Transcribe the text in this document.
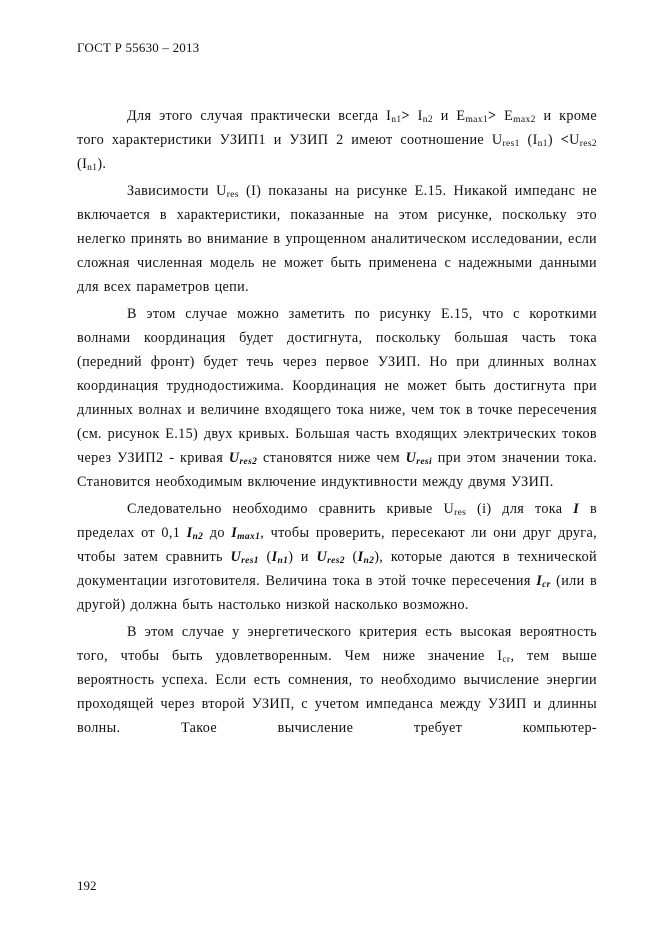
ГОСТ Р 55630 – 2013

Для этого случая практически всегда $I_{n1}> I_{n2}$ и $E_{max1}> E_{max2}$ и кроме того характеристики УЗИП1 и УЗИП 2 имеют соотношение $U_{res1}$ $(I_{n1}) <U_{res2}$ $(I_{n1})$.

Зависимости $U_{res}$ (I) показаны на рисунке Е.15. Никакой импеданс не включается в характеристики, показанные на этом рисунке, поскольку это нелегко принять во внимание в упрощенном аналитическом исследовании, если сложная численная модель не может быть применена с надежными данными для всех параметров цепи.

В этом случае можно заметить по рисунку Е.15, что с короткими волнами координация будет достигнута, поскольку большая часть тока (передний фронт) будет течь через первое УЗИП. Но при длинных волнах координация труднодостижима. Координация не может быть достигнута при длинных волнах и величине входящего тока ниже, чем ток в точке пересечения (см. рисунок Е.15) двух кривых. Большая часть входящих электрических токов через УЗИП2 - кривая $U_{res2}$ становятся ниже чем $U_{resi}$ при этом значении тока. Становится необходимым включение индуктивности между двумя УЗИП.

Следовательно необходимо сравнить кривые $U_{res}$ (i) для тока I в пределах от 0,1 $I_{n2}$ до $I_{max1}$, чтобы проверить, пересекают ли они друг друга, чтобы затем сравнить $U_{res1}$ $(I_{n1})$ и $U_{res2}$ $(I_{n2})$, которые даются в технической документации изготовителя. Величина тока в этой точке пересечения $I_{cr}$ (или в другой) должна быть настолько низкой насколько возможно.

В этом случае у энергетического критерия есть высокая вероятность того, чтобы быть удовлетворенным. Чем ниже значение $I_{cr}$, тем выше вероятность успеха. Если есть сомнения, то необходимо вычисление энергии проходящей через второй УЗИП, с учетом импеданса между УЗИП и длинны волны. Такое вычисление требует компьютер-

192
